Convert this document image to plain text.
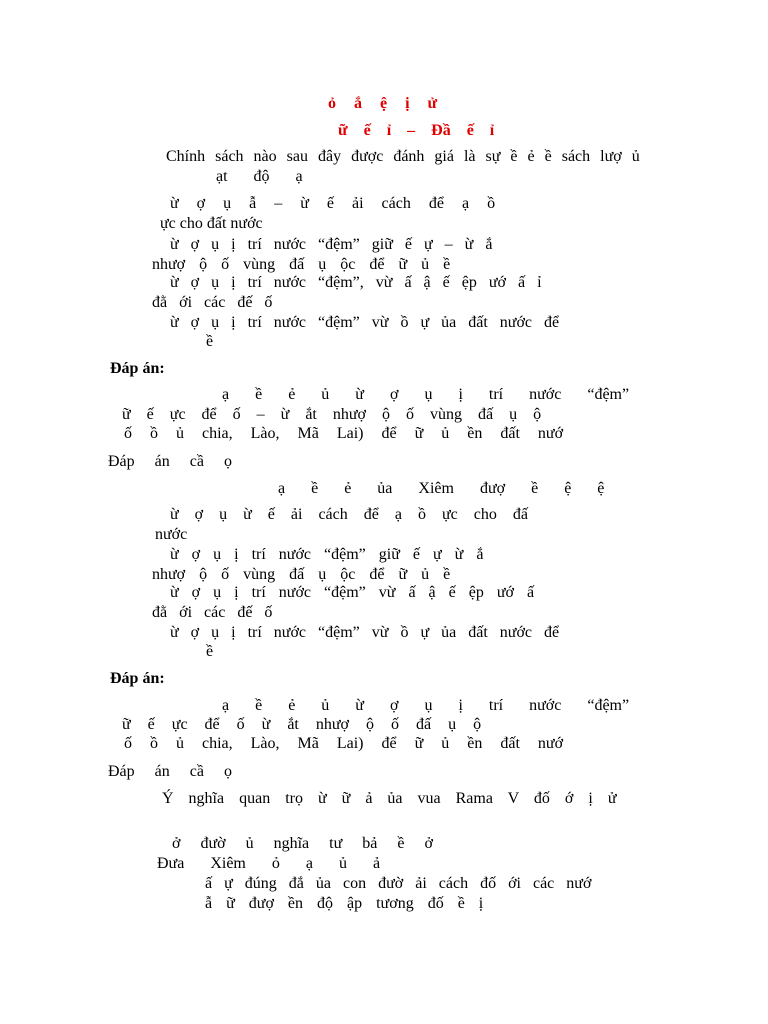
ỏ ắ ệ ị ử
ữ ế ỉ – Đầ ế ỉ
Chính sách nào sau đây được đánh giá là sự ề ẻ ề sách lượ ủ
ạt độ ạ
ừ ợ ụ ẫ – ừ ế ải cách để ạ ồ
ực cho đất nước
ừ ợ ụ ị trí nước “đệm” giữ ế ự – ừ ắ
nhượ ộ ố vùng đấ ụ ộc để ữ ủ ề
ừ ợ ụ ị trí nước “đệm”, vừ ấ ậ ế ệp ướ ấ ỉ
đằ ới các đế ố
ừ ợ ụ ị trí nước “đệm” vừ ồ ự ủa đất nước để
ề
Đáp án:
ạ ề ẻ ủ ừ ợ ụ ị trí nước “đệm”
ữ ế ực để ố – ừ ắt nhượ ộ ố vùng đấ ụ ộ
ố ồ ủ chia, Lào, Mã Lai) để ữ ủ ền đất nướ
Đáp án cầ ọ
ạ ề ẻ ủa Xiêm đượ ề ệ ệ
ừ ợ ụ ừ ế ải cách để ạ ồ ực cho đấ
nước
ừ ợ ụ ị trí nước “đệm” giữ ế ự ừ ắ
nhượ ộ ố vùng đấ ụ ộc để ữ ủ ề
ừ ợ ụ ị trí nước “đệm” vừ ấ ậ ế ệp ướ ấ
đằ ới các đế ố
ừ ợ ụ ị trí nước “đệm” vừ ồ ự ủa đất nước để
ề
Đáp án:
ạ ề ẻ ủ ừ ợ ụ ị trí nước “đệm”
ữ ế ực để ố ừ ắt nhượ ộ ố đấ ụ ộ
ố ồ ủ chia, Lào, Mã Lai) để ữ ủ ền đất nướ
Đáp án cầ ọ
Ý nghĩa quan trọ ừ ữ ả ủa vua Rama V đố ớ ị ử
ở đườ ủ nghĩa tư bả ề ở
Đưa Xiêm ỏ ạ ủ ả
ấ ự đúng đắ ủa con đườ ải cách đố ới các nướ
ẫ ữ đượ ền độ ập tương đố ề ị
